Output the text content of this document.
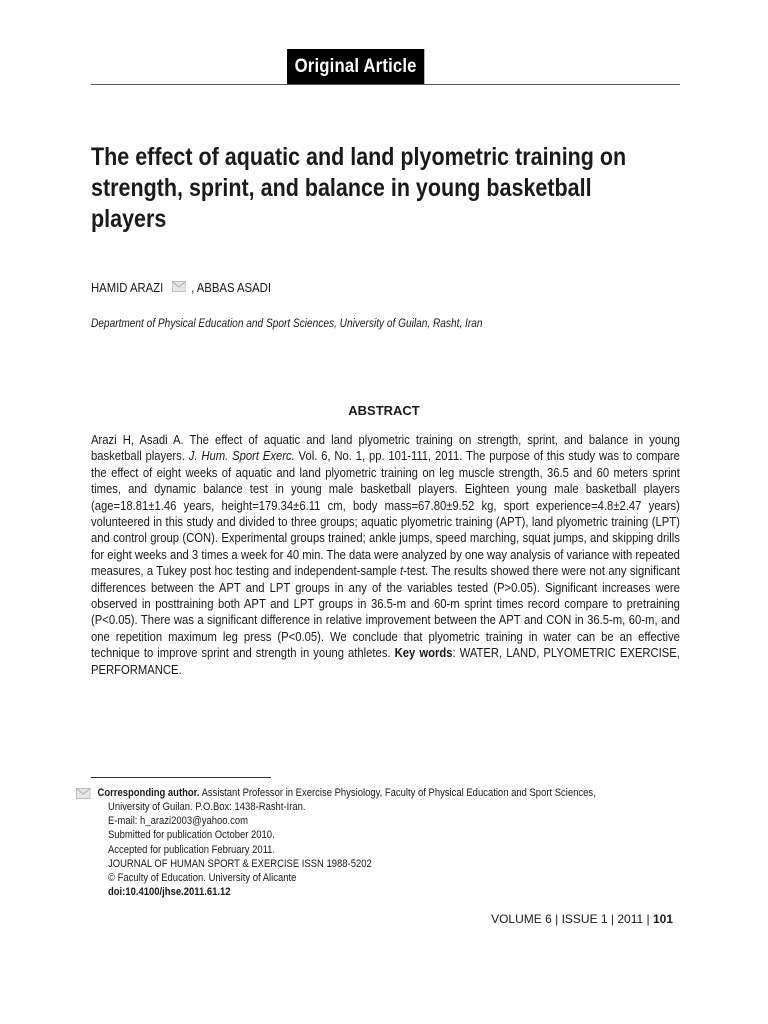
Original Article
The effect of aquatic and land plyometric training on strength, sprint, and balance in young basketball players
HAMID ARAZI , ABBAS ASADI
Department of Physical Education and Sport Sciences, University of Guilan, Rasht, Iran
ABSTRACT

Arazi H, Asadi A. The effect of aquatic and land plyometric training on strength, sprint, and balance in young basketball players. J. Hum. Sport Exerc. Vol. 6, No. 1, pp. 101-111, 2011. The purpose of this study was to compare the effect of eight weeks of aquatic and land plyometric training on leg muscle strength, 36.5 and 60 meters sprint times, and dynamic balance test in young male basketball players. Eighteen young male basketball players (age=18.81±1.46 years, height=179.34±6.11 cm, body mass=67.80±9.52 kg, sport experience=4.8±2.47 years) volunteered in this study and divided to three groups; aquatic plyometric training (APT), land plyometric training (LPT) and control group (CON). Experimental groups trained; ankle jumps, speed marching, squat jumps, and skipping drills for eight weeks and 3 times a week for 40 min. The data were analyzed by one way analysis of variance with repeated measures, a Tukey post hoc testing and independent-sample t-test. The results showed there were not any significant differences between the APT and LPT groups in any of the variables tested (P>0.05). Significant increases were observed in posttraining both APT and LPT groups in 36.5-m and 60-m sprint times record compare to pretraining (P<0.05). There was a significant difference in relative improvement between the APT and CON in 36.5-m, 60-m, and one repetition maximum leg press (P<0.05). We conclude that plyometric training in water can be an effective technique to improve sprint and strength in young athletes. Key words: WATER, LAND, PLYOMETRIC EXERCISE, PERFORMANCE.

Corresponding author. Assistant Professor in Exercise Physiology, Faculty of Physical Education and Sport Sciences,
University of Guilan. P.O.Box: 1438-Rasht-Iran.
E-mail: h_arazi2003@yahoo.com
Submitted for publication October 2010.
Accepted for publication February 2011.
JOURNAL OF HUMAN SPORT & EXERCISE ISSN 1988-5202
© Faculty of Education. University of Alicante
doi:10.4100/jhse.2011.61.12
VOLUME 6 | ISSUE 1 | 2011 | 101
